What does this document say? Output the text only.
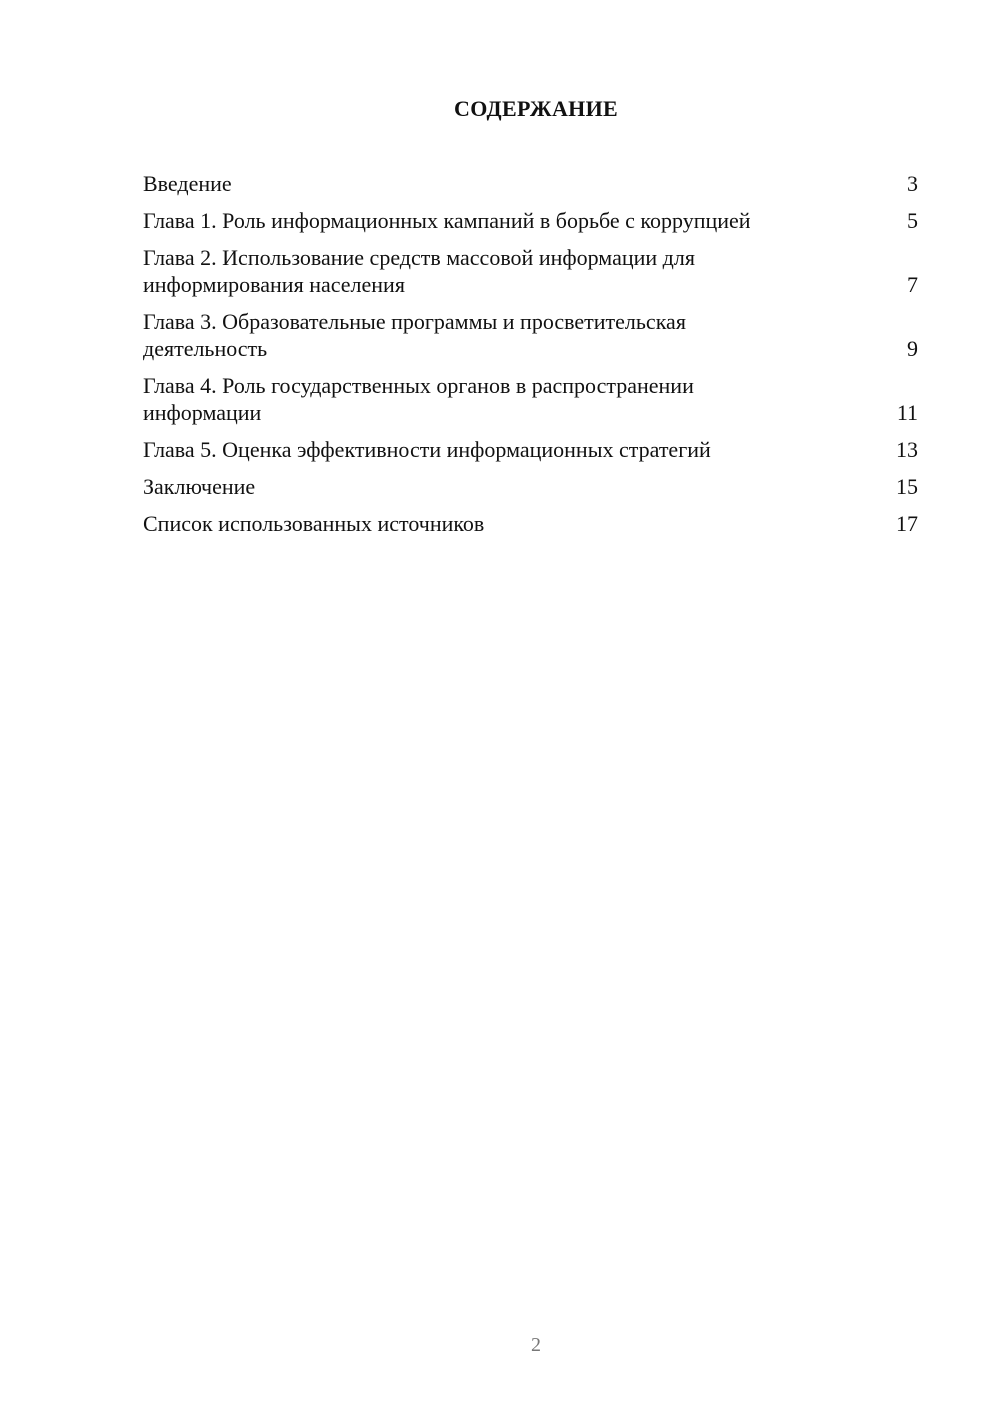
СОДЕРЖАНИЕ
Введение	3
Глава 1. Роль информационных кампаний в борьбе с коррупцией	5
Глава 2. Использование средств массовой информации для информирования населения	7
Глава 3. Образовательные программы и просветительская деятельность	9
Глава 4. Роль государственных органов в распространении информации	11
Глава 5. Оценка эффективности информационных стратегий	13
Заключение	15
Список использованных источников	17
2
